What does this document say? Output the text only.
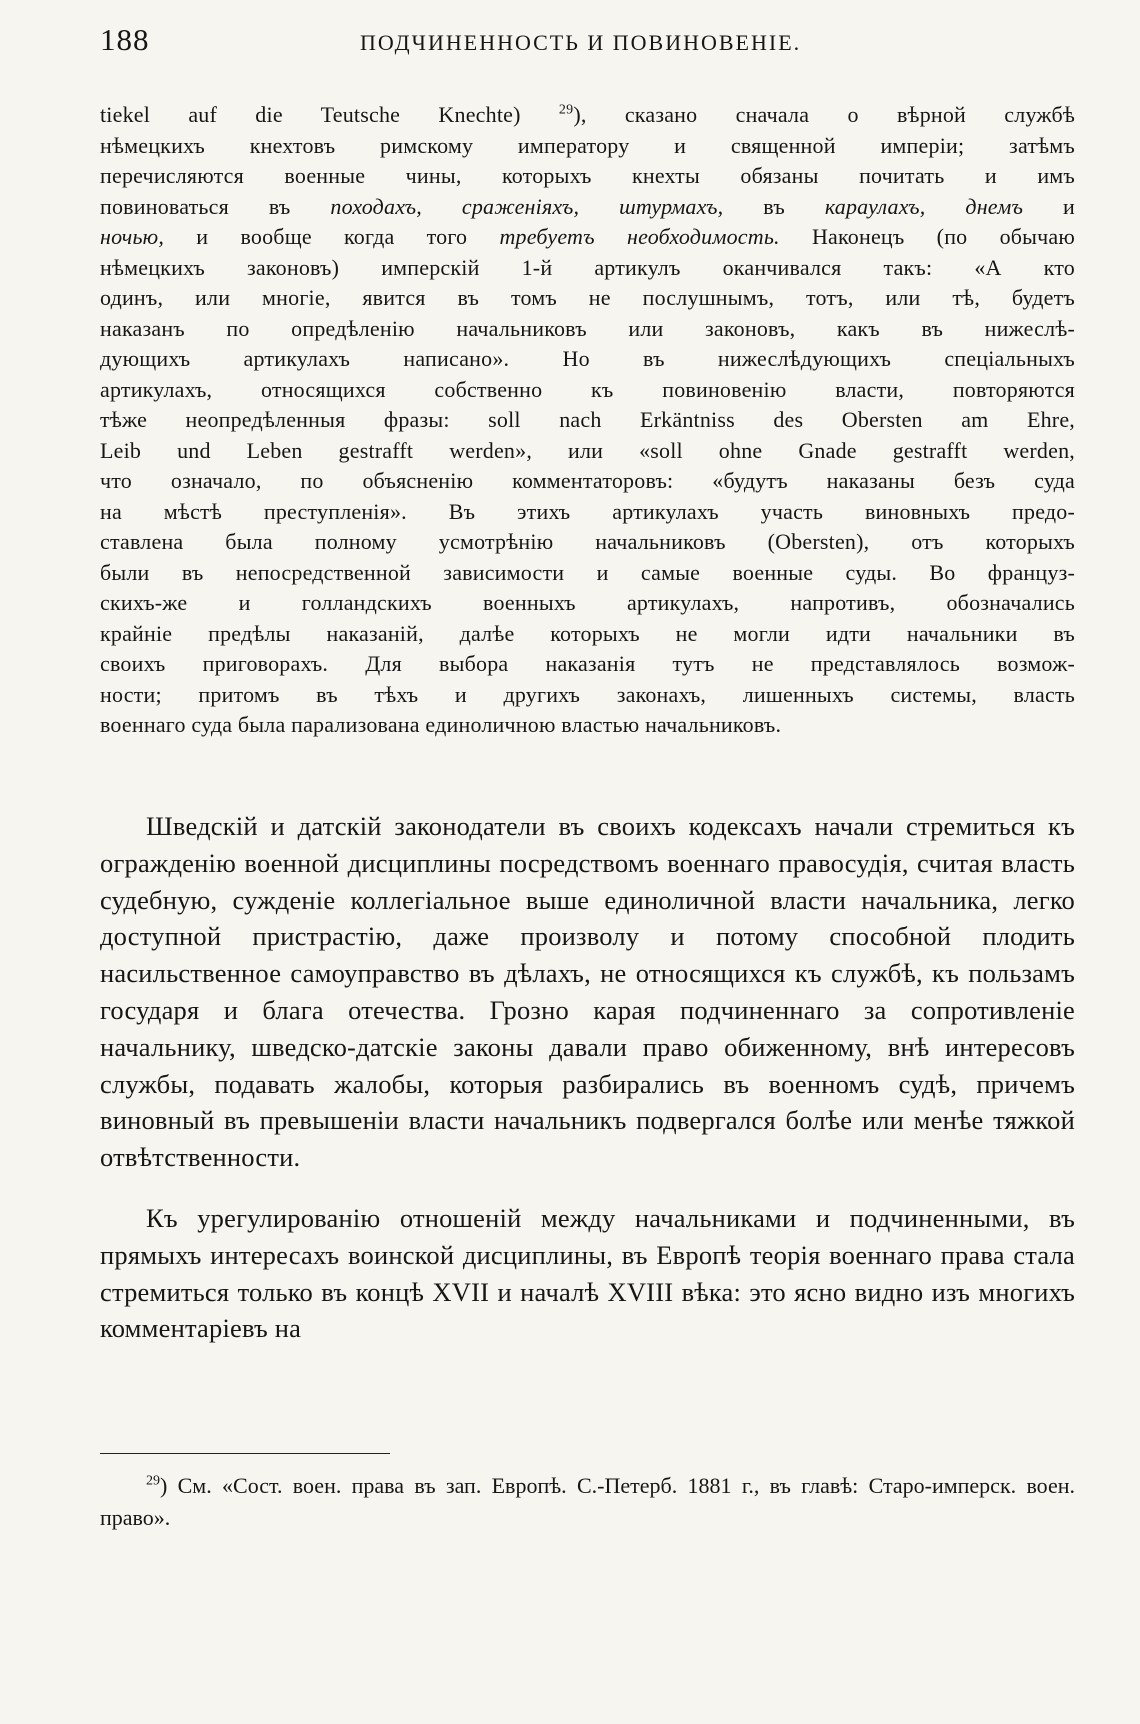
188	ПОДЧИНЕННОСТЬ И ПОВИНОВЕНІЕ.

tiekel auf die Teutsche Knechte)	$^{29}$), сказано сначала о вѣрной службѣ
нѣмецкихъ кнехтовъ римскому императору и священной имперіи; затѣмъ
перечисляются военные чины, которыхъ кнехты обязаны почитать и имъ
повиноваться въ походахъ, сраженіяхъ, штурмахъ, въ караулахъ, днемъ и
ночью, и вообще когда того требуетъ необходимость. Наконецъ (по обычаю
нѣмецкихъ законовъ) имперскій 1-й артикулъ оканчивался такъ: «А кто
одинъ, или многіе, явится въ томъ не послушнымъ, тотъ, или тѣ, будетъ
наказанъ по опредѣленію начальниковъ или законовъ, какъ въ нижеслѣ-
дующихъ артикулахъ написано». Но въ нижеслѣдующихъ спеціальныхъ
артикулахъ, относящихся собственно къ повиновенію власти, повторяются
тѣже неопредѣленныя фразы: soll nach Erkäntniss des Obersten am Ehre,
Leib und Leben gestrafft werden», или «soll ohne Gnade gestrafft werden,
что означало, по объясненію комментаторовъ: «будутъ наказаны безъ суда
на мѣстѣ преступленія». Въ этихъ артикулахъ участь виновныхъ предо-
ставлена была полному усмотрѣнію начальниковъ (Obersten), отъ которыхъ
были въ непосредственной зависимости и самые военные суды. Во француз-
скихъ-же и голландскихъ военныхъ артикулахъ, напротивъ, обозначались
крайніе предѣлы наказаній, далѣе которыхъ не могли идти начальники въ
своихъ приговорахъ. Для выбора наказанія тутъ не представлялось возмож-
ности; притомъ въ тѣхъ и другихъ законахъ, лишенныхъ системы, власть
военнаго суда была парализована единоличною властью начальниковъ.

Шведскій и датскій законодатели въ своихъ кодексахъ начали стремиться къ огражденію военной дисциплины посредствомъ военнаго правосудія, считая власть судебную, сужденіе коллегіальное выше единоличной власти начальника, легко доступной пристрастію, даже произволу и потому способной плодить насильственное самоуправство въ дѣлахъ, не относящихся къ службѣ, къ пользамъ государя и блага отечества. Грозно карая подчиненнаго за сопротивленіе начальнику, шведско-датскіе законы давали право обиженному, внѣ интересовъ службы, подавать жалобы, которыя разбирались въ военномъ судѣ, причемъ виновный въ превышеніи власти начальникъ подвергался болѣе или менѣе тяжкой отвѣтственности.

Къ урегулированію отношеній между начальниками и подчиненными, въ прямыхъ интересахъ воинской дисциплины, въ Европѣ теорія военнаго права стала стремиться только въ концѣ XVII и началѣ XVIII вѣка: это ясно видно изъ многихъ комментаріевъ на

$^{29}$) См. «Сост. воен. права въ зап. Европѣ. С.-Петерб. 1881 г., въ главѣ: Старо-имперск. воен. право».
